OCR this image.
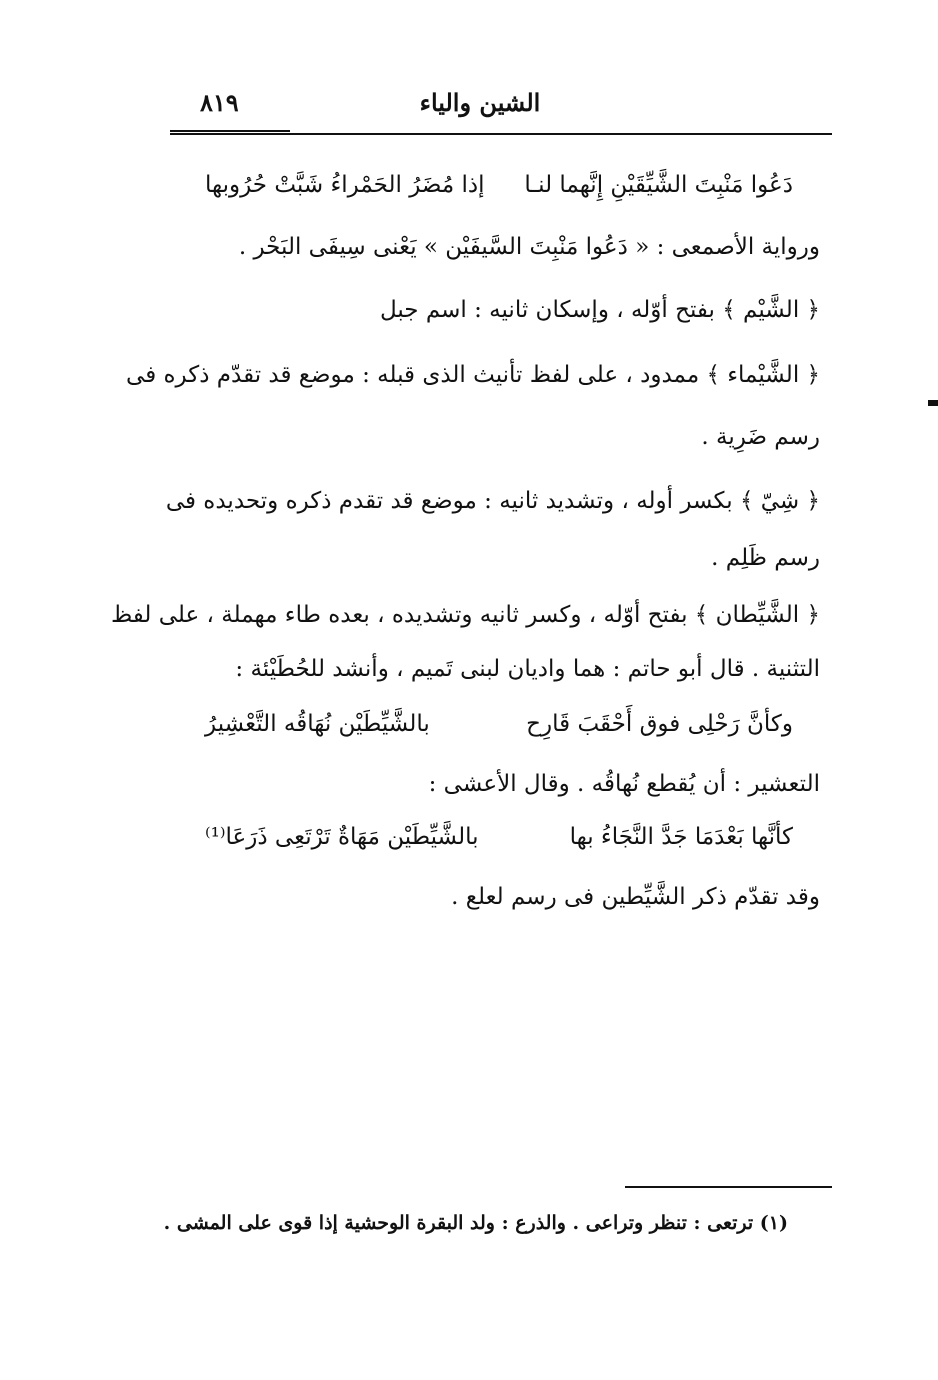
٨١٩	الشين والياء
دَعُوا مَنْبِتَ الشَّيِّقَيْنِ إِنَّهما لنـا
إذا مُضَرُ الحَمْراءُ شَبَّتْ حُرُوبها
ورواية الأصمعى : « دَعُوا مَنْبِتَ السَّيفَيْن » يَعْنى سِيفَى البَحْر .
﴿ الشَّيْم ﴾ بفتح أوّله ، وإسكان ثانيه : اسم جبل
﴿ الشَّيْماء ﴾ ممدود ، على لفظ تأنيث الذى قبله : موضع قد تقدّم ذكره فى
رسم ضَرِية .
﴿ شِيّ ﴾ بكسر أوله ، وتشديد ثانيه : موضع قد تقدم ذكره وتحديده فى
رسم ظَلِم .
﴿ الشَّيِّطان ﴾ بفتح أوّله ، وكسر ثانيه وتشديده ، بعده طاء مهملة ، على لفظ
التثنية . قال أبو حاتم : هما واديان لبنى تَميم ، وأنشد للحُطَيْئة :
وكأنَّ رَحْلِى فوق أَحْقَبَ قَارِح
بالشَّيِّطَيْن نُهَاقُه التَّعْشِيرُ
التعشير : أن يُقطع نُهاقُه . وقال الأعشى :
كأنَّها بَعْدَمَا جَدَّ النَّجَاءُ بها
بالشَّيِّطَيْن مَهَاةٌ تَرْتَعِى ذَرَعَا⁽¹⁾
وقد تقدّم ذكر الشَّيِّطين فى رسم لعلع .
(١) ترتعى : تنظر وتراعى . والذرع : ولد البقرة الوحشية إذا قوى على المشى .
